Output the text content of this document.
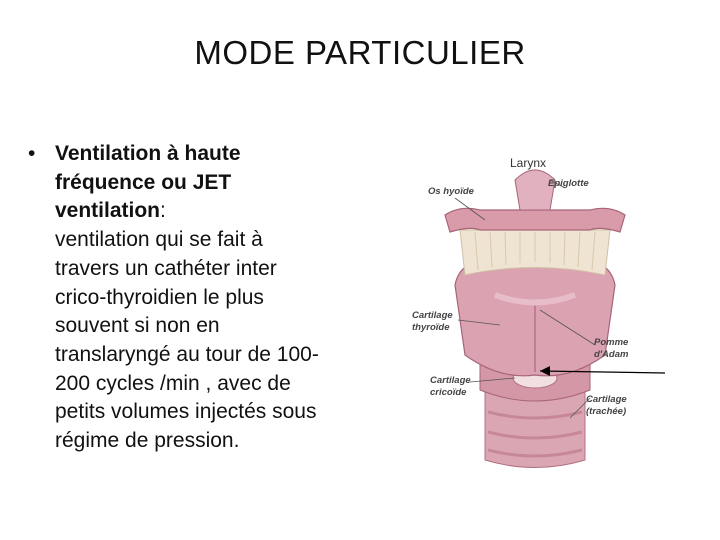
MODE PARTICULIER
• Ventilation à haute fréquence ou JET ventilation:
ventilation qui se fait à travers un cathéter inter crico-thyroidien le plus souvent si non en translaryngé au tour de 100- 200 cycles /min , avec de petits volumes injectés sous régime de pression.
Larynx
Os hyoïde
Epiglotte
Cartilage
thyroïde
Pomme
d'Adam
Cartilage
cricoïde
Cartilage
(trachée)
